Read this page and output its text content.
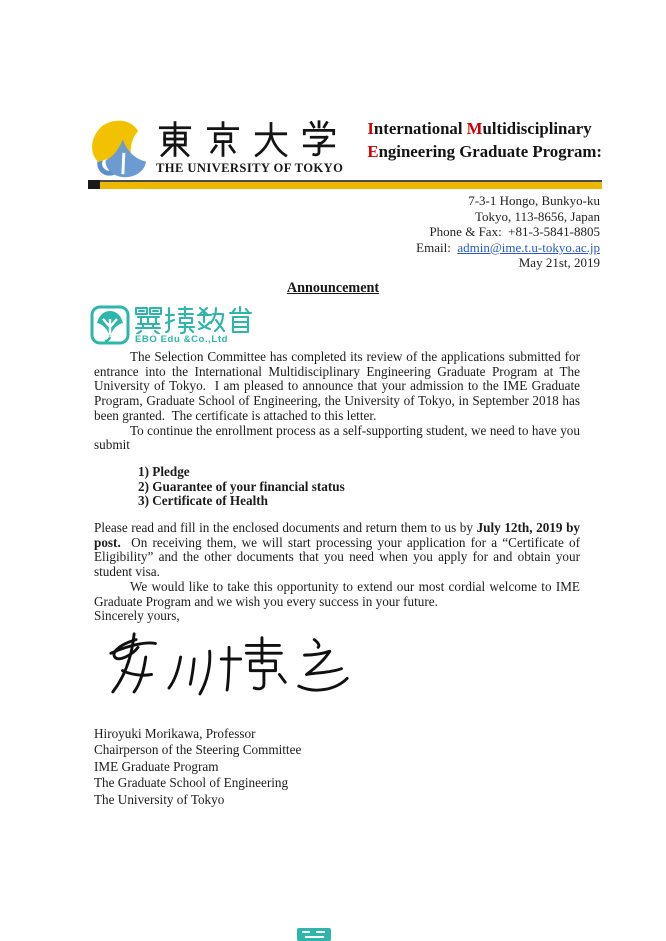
THE UNIVERSITY OF TOKYO
International Multidisciplinary
Engineering Graduate Program:
7-3-1 Hongo, Bunkyo-ku
Tokyo, 113-8656, Japan
Phone & Fax:  +81-3-5841-8805
Email:  admin@ime.t.u-tokyo.ac.jp
May 21st, 2019
Announcement
EBO Edu &Co.,Ltd

The Selection Committee has completed its review of the applications submitted for entrance into the International Multidisciplinary Engineering Graduate Program at The University of Tokyo.  I am pleased to announce that your admission to the IME Graduate Program, Graduate School of Engineering, the University of Tokyo, in September 2018 has been granted.  The certificate is attached to this letter.

To continue the enrollment process as a self-supporting student, we need to have you submit

1) Pledge
2) Guarantee of your financial status
3) Certificate of Health

Please read and fill in the enclosed documents and return them to us by July 12th, 2019 by post.  On receiving them, we will start processing your application for a “Certificate of Eligibility” and the other documents that you need when you apply for and obtain your student visa.

We would like to take this opportunity to extend our most cordial welcome to IME Graduate Program and we wish you every success in your future.

Sincerely yours,

Hiroyuki Morikawa, Professor
Chairperson of the Steering Committee
IME Graduate Program
The Graduate School of Engineering
The University of Tokyo
